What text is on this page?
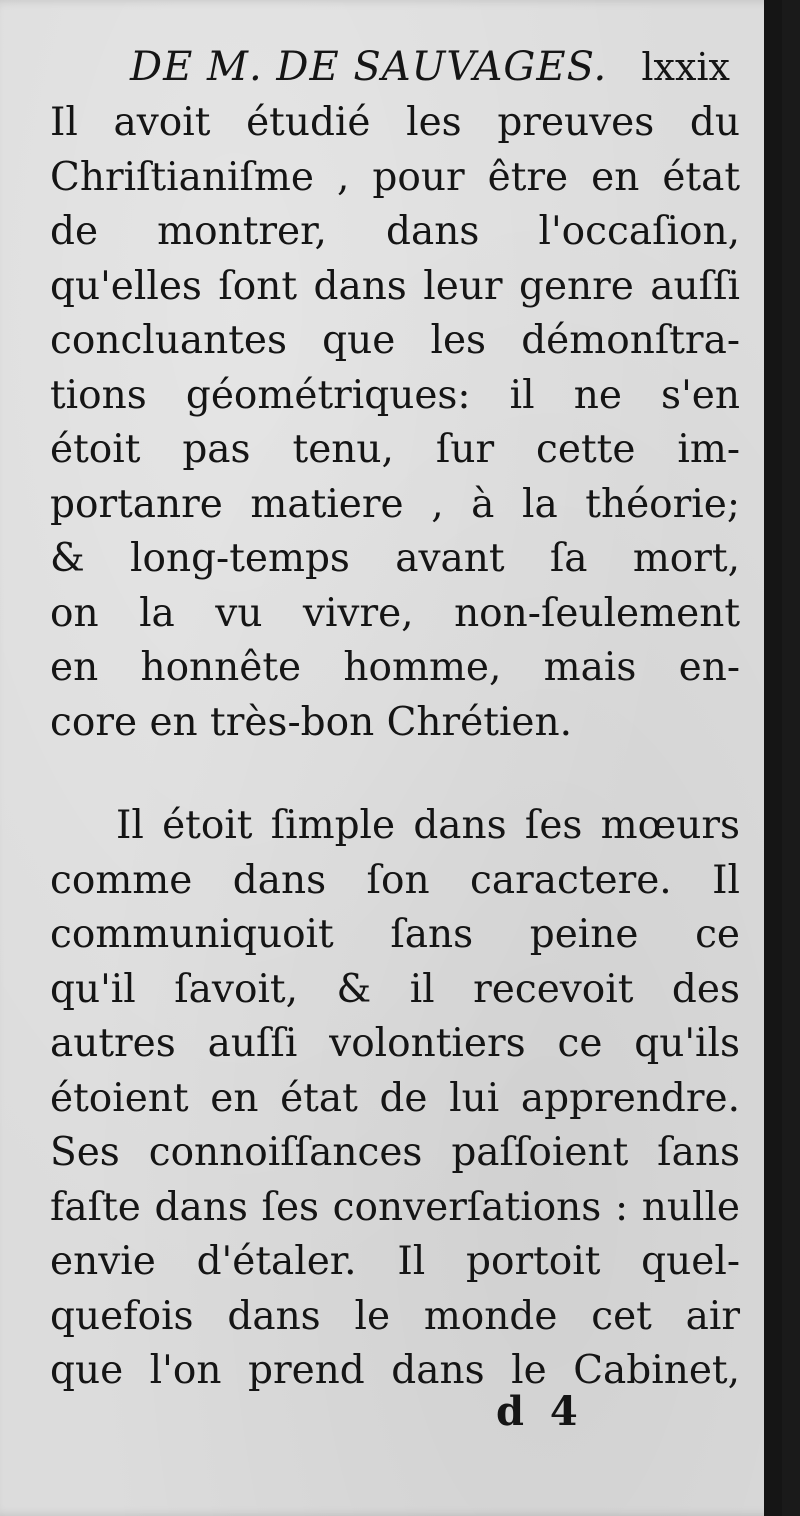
DE M. DE SAUVAGES. lxxix
Il avoit étudié les preuves du
Chriſtianiſme , pour être en état
de montrer, dans l'occaſion,
qu'elles ſont dans leur genre auſſi
concluantes que les démonſtra-
tions géométriques: il ne s'en
étoit pas tenu, ſur cette im-
portanre matiere , à la théorie;
& long-temps avant ſa mort,
on la vu vivre, non-ſeulement
en honnête homme, mais en-
core en très-bon Chrétien.
Il étoit ſimple dans ſes mœurs
comme dans ſon caractere. Il
communiquoit ſans peine ce
qu'il ſavoit, & il recevoit des
autres auſſi volontiers ce qu'ils
étoient en état de lui apprendre.
Ses connoiſſances paſſoient ſans
faſte dans ſes converſations : nulle
envie d'étaler. Il portoit quel-
quefois dans le monde cet air
que l'on prend dans le Cabinet,
d 4
